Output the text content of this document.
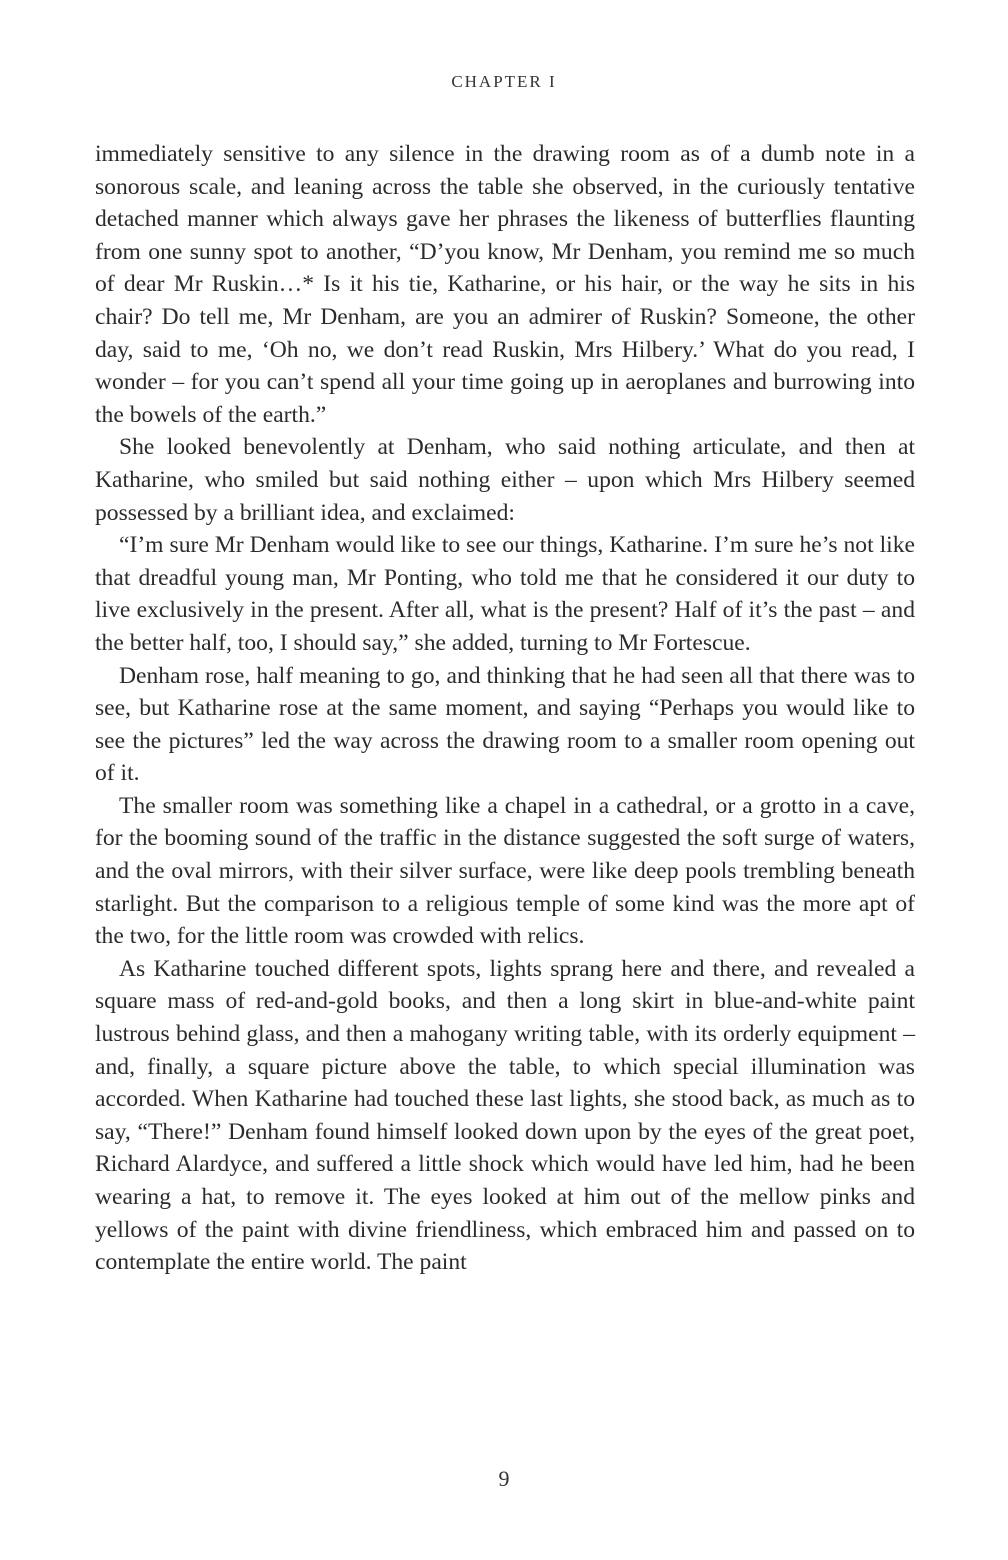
CHAPTER I

immediately sensitive to any silence in the drawing room as of a dumb note in a sonorous scale, and leaning across the table she observed, in the curiously tentative detached manner which always gave her phrases the likeness of butterflies flaunting from one sunny spot to another, “D’you know, Mr Denham, you remind me so much of dear Mr Ruskin…* Is it his tie, Katharine, or his hair, or the way he sits in his chair? Do tell me, Mr Denham, are you an admirer of Ruskin? Someone, the other day, said to me, ‘Oh no, we don’t read Ruskin, Mrs Hilbery.’ What do you read, I wonder – for you can’t spend all your time going up in aeroplanes and burrowing into the bowels of the earth.”

She looked benevolently at Denham, who said nothing articulate, and then at Katharine, who smiled but said nothing either – upon which Mrs Hilbery seemed possessed by a brilliant idea, and exclaimed:

“I’m sure Mr Denham would like to see our things, Katharine. I’m sure he’s not like that dreadful young man, Mr Ponting, who told me that he considered it our duty to live exclusively in the present. After all, what is the present? Half of it’s the past – and the better half, too, I should say,” she added, turning to Mr Fortescue.

Denham rose, half meaning to go, and thinking that he had seen all that there was to see, but Katharine rose at the same moment, and saying “Perhaps you would like to see the pictures” led the way across the drawing room to a smaller room opening out of it.

The smaller room was something like a chapel in a cathedral, or a grotto in a cave, for the booming sound of the traffic in the distance suggested the soft surge of waters, and the oval mirrors, with their silver surface, were like deep pools trembling beneath starlight. But the comparison to a religious temple of some kind was the more apt of the two, for the little room was crowded with relics.

As Katharine touched different spots, lights sprang here and there, and revealed a square mass of red-and-gold books, and then a long skirt in blue-and-white paint lustrous behind glass, and then a mahogany writing table, with its orderly equipment – and, finally, a square picture above the table, to which special illumination was accorded. When Katharine had touched these last lights, she stood back, as much as to say, “There!” Denham found himself looked down upon by the eyes of the great poet, Richard Alardyce, and suffered a little shock which would have led him, had he been wearing a hat, to remove it. The eyes looked at him out of the mellow pinks and yellows of the paint with divine friendliness, which embraced him and passed on to contemplate the entire world. The paint

9
